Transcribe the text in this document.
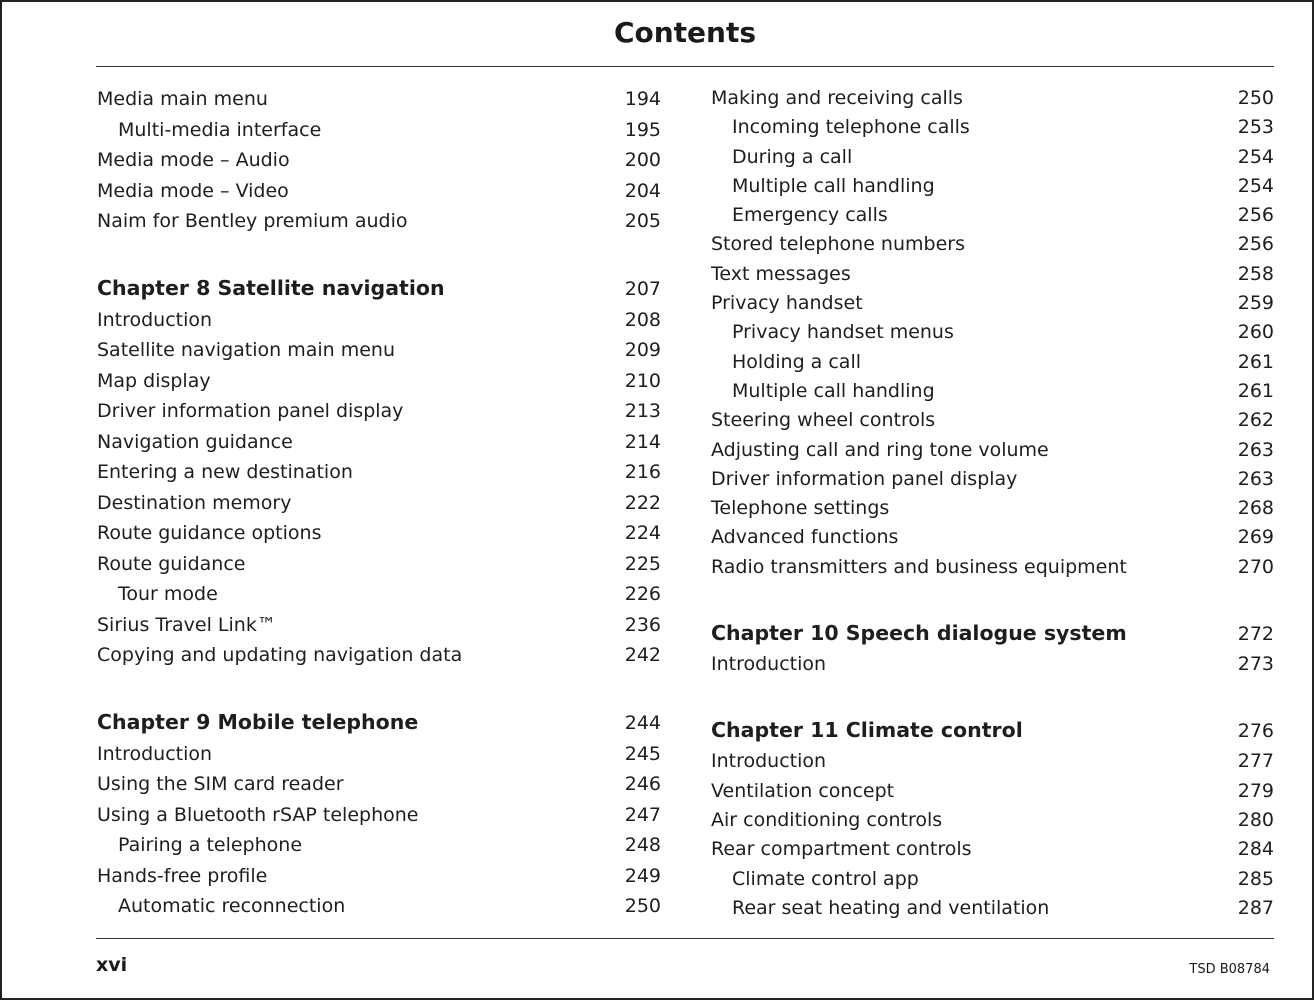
Contents
Media main menu	194
Multi-media interface	195
Media mode – Audio	200
Media mode – Video	204
Naim for Bentley premium audio	205
Chapter 8 Satellite navigation	207
Introduction	208
Satellite navigation main menu	209
Map display	210
Driver information panel display	213
Navigation guidance	214
Entering a new destination	216
Destination memory	222
Route guidance options	224
Route guidance	225
Tour mode	226
Sirius Travel Link™	236
Copying and updating navigation data	242
Chapter 9 Mobile telephone	244
Introduction	245
Using the SIM card reader	246
Using a Bluetooth rSAP telephone	247
Pairing a telephone	248
Hands-free profile	249
Automatic reconnection	250
Making and receiving calls	250
Incoming telephone calls	253
During a call	254
Multiple call handling	254
Emergency calls	256
Stored telephone numbers	256
Text messages	258
Privacy handset	259
Privacy handset menus	260
Holding a call	261
Multiple call handling	261
Steering wheel controls	262
Adjusting call and ring tone volume	263
Driver information panel display	263
Telephone settings	268
Advanced functions	269
Radio transmitters and business equipment	270
Chapter 10 Speech dialogue system	272
Introduction	273
Chapter 11 Climate control	276
Introduction	277
Ventilation concept	279
Air conditioning controls	280
Rear compartment controls	284
Climate control app	285
Rear seat heating and ventilation	287
xvi	TSD B08784
